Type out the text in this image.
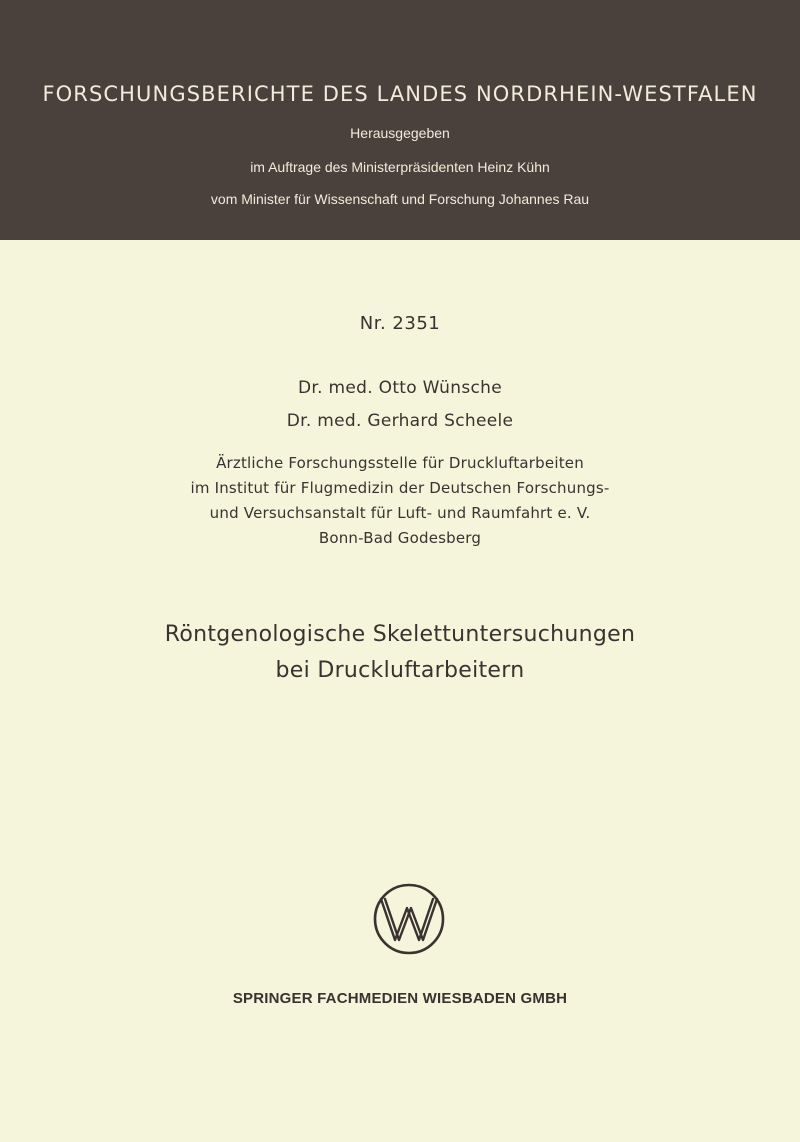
FORSCHUNGSBERICHTE DES LANDES NORDRHEIN-WESTFALEN
Herausgegeben
im Auftrage des Ministerpräsidenten Heinz Kühn
vom Minister für Wissenschaft und Forschung Johannes Rau
Nr. 2351
Dr. med. Otto Wünsche
Dr. med. Gerhard Scheele
Ärztliche Forschungsstelle für Druckluftarbeiten
im Institut für Flugmedizin der Deutschen Forschungs-
und Versuchsanstalt für Luft- und Raumfahrt e. V.
Bonn-Bad Godesberg
Röntgenologische Skelettuntersuchungen
bei Druckluftarbeitern
SPRINGER FACHMEDIEN WIESBADEN GMBH
